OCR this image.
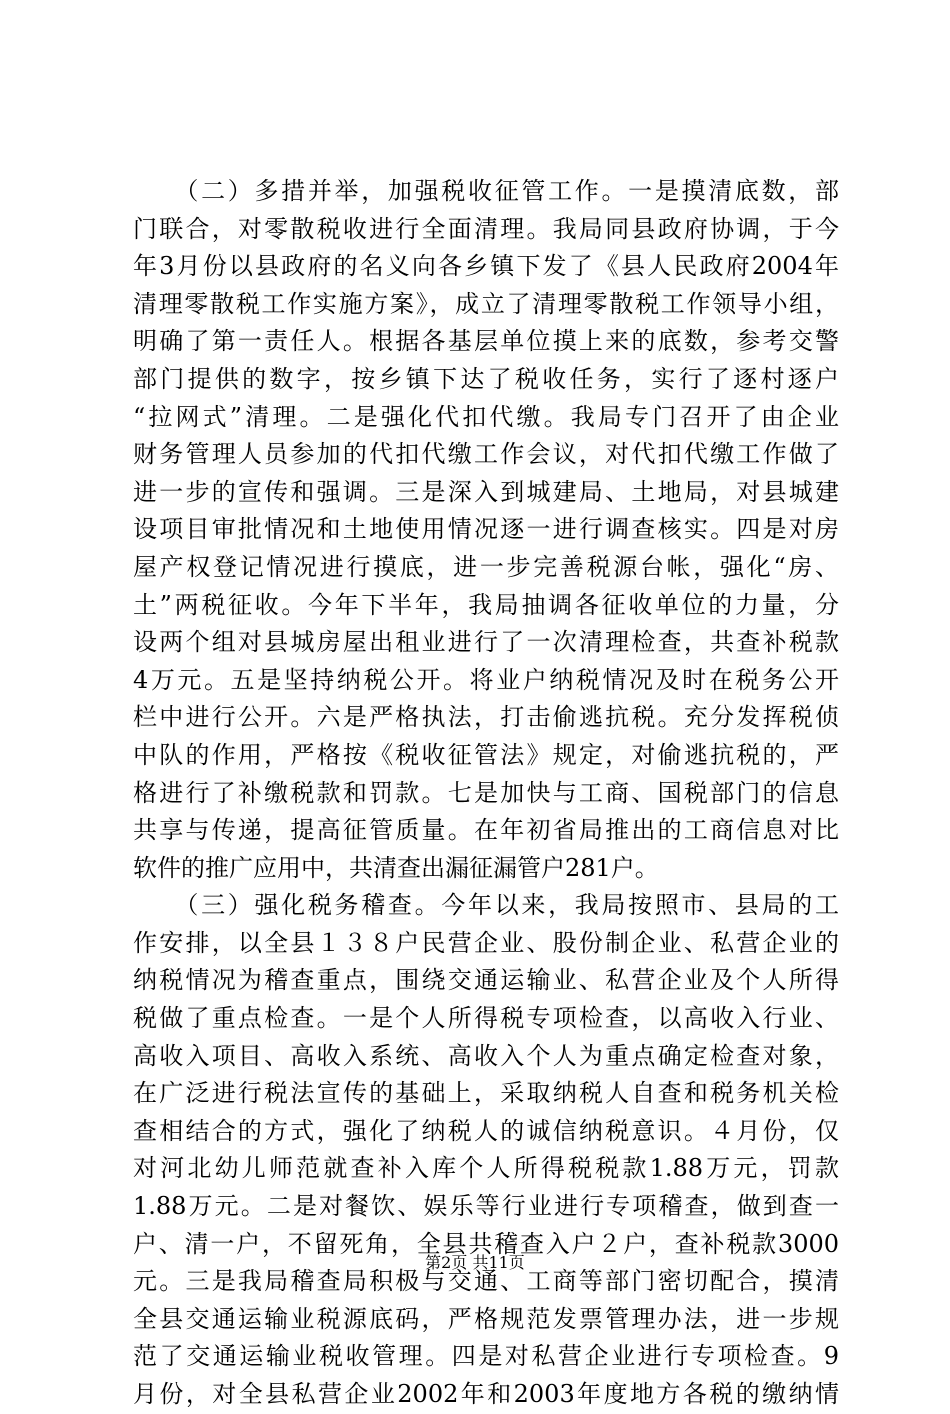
　　（二）多措并举，加强税收征管工作。一是摸清底数，部
门联合，对零散税收进行全面清理。我局同县政府协调，于今
年3月份以县政府的名义向各乡镇下发了《县人民政府2004年
清理零散税工作实施方案》，成立了清理零散税工作领导小组，
明确了第一责任人。根据各基层单位摸上来的底数，参考交警
部门提供的数字，按乡镇下达了税收任务，实行了逐村逐户
“拉网式”清理。二是强化代扣代缴。我局专门召开了由企业
财务管理人员参加的代扣代缴工作会议，对代扣代缴工作做了
进一步的宣传和强调。三是深入到城建局、土地局，对县城建
设项目审批情况和土地使用情况逐一进行调查核实。四是对房
屋产权登记情况进行摸底，进一步完善税源台帐，强化“房、
土”两税征收。今年下半年，我局抽调各征收单位的力量，分
设两个组对县城房屋出租业进行了一次清理检查，共查补税款
4万元。五是坚持纳税公开。将业户纳税情况及时在税务公开
栏中进行公开。六是严格执法，打击偷逃抗税。充分发挥税侦
中队的作用，严格按《税收征管法》规定，对偷逃抗税的，严
格进行了补缴税款和罚款。七是加快与工商、国税部门的信息
共享与传递，提高征管质量。在年初省局推出的工商信息对比
软件的推广应用中，共清查出漏征漏管户281户。
　　（三）强化税务稽查。今年以来，我局按照市、县局的工
作安排，以全县１３８户民营企业、股份制企业、私营企业的
纳税情况为稽查重点，围绕交通运输业、私营企业及个人所得
税做了重点检查。一是个人所得税专项检查，以高收入行业、
高收入项目、高收入系统、高收入个人为重点确定检查对象，
在广泛进行税法宣传的基础上，采取纳税人自查和税务机关检
查相结合的方式，强化了纳税人的诚信纳税意识。４月份，仅
对河北幼儿师范就查补入库个人所得税税款1.88万元，罚款
1.88万元。二是对餐饮、娱乐等行业进行专项稽查，做到查一
户、清一户，不留死角，全县共稽查入户２户，查补税款3000
元。三是我局稽查局积极与交通、工商等部门密切配合，摸清
全县交通运输业税源底码，严格规范发票管理办法，进一步规
范了交通运输业税收管理。四是对私营企业进行专项检查。9
月份，对全县私营企业2002年和2003年度地方各税的缴纳情
第2页 共11页
